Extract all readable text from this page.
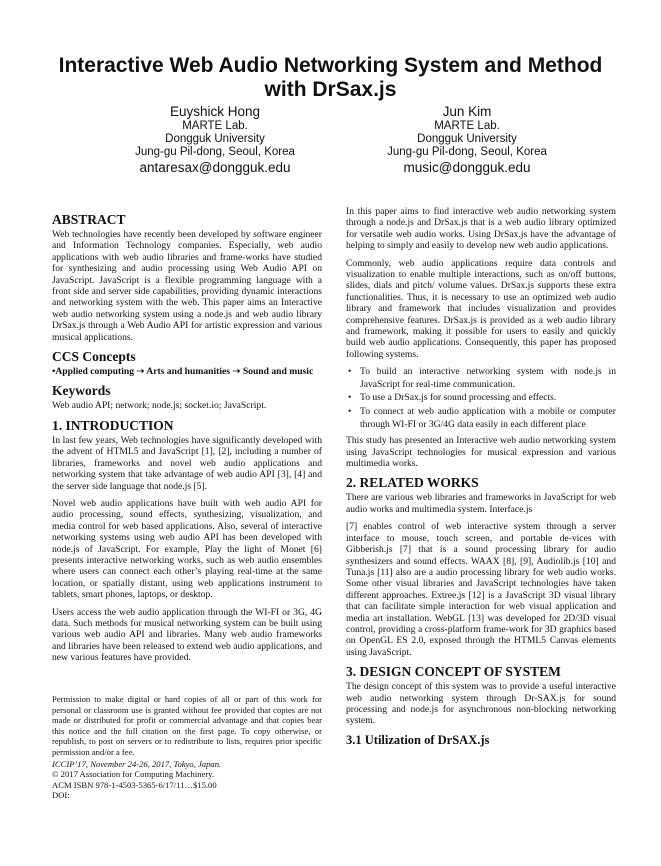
Interactive Web Audio Networking System and Method with DrSax.js
Euyshick Hong
MARTE Lab.
Dongguk University
Jung-gu Pil-dong, Seoul, Korea
antaresax@dongguk.edu
Jun Kim
MARTE Lab.
Dongguk University
Jung-gu Pil-dong, Seoul, Korea
music@dongguk.edu
ABSTRACT
Web technologies have recently been developed by software engineer and Information Technology companies. Especially, web audio applications with web audio libraries and frame-works have studied for synthesizing and audio processing using Web Audio API on JavaScript. JavaScript is a flexible programming language with a front side and server side capabilities, providing dynamic interactions and networking system with the web. This paper aims an Interactive web audio networking system using a node.js and web audio library DrSax.js through a Web Audio API for artistic expression and various musical applications.
CCS Concepts
•Applied computing ➝ Arts and humanities ➝ Sound and music
Keywords
Web audio API; network; node.js; socket.io; JavaScript.
1. INTRODUCTION
In last few years, Web technologies have significantly developed with the advent of HTML5 and JavaScript [1], [2], including a number of libraries, frameworks and novel web audio applications and networking system that take advantage of web audio API [3], [4] and the server side language that node.js [5].
Novel web audio applications have built with web audio API for audio processing, sound effects, synthesizing, visualization, and media control for web based applications. Also, several of interactive networking systems using web audio API has been developed with node.js of JavaScript. For example, Play the light of Monet [6] presents interactive networking works, such as web audio ensembles where users can connect each other’s playing real-time at the same location, or spatially distant, using web applications instrument to tablets, smart phones, laptops, or desktop.
Users access the web audio application through the WI-FI or 3G, 4G data. Such methods for musical networking system can be built using various web audio API and libraries. Many web audio frameworks and libraries have been released to extend web audio applications, and new various features have provided.
Permission to make digital or hard copies of all or part of this work for personal or classroom use is granted without fee provided that copies are not made or distributed for profit or commercial advantage and that copies bear this notice and the full citation on the first page. To copy otherwise, or republish, to post on servers or to redistribute to lists, requires prior specific permission and/or a fee.
ICCIP’17, November 24-26, 2017, Tokyo, Japan.
© 2017 Association for Computing Machinery.
ACM ISBN 978-1-4503-5365-6/17/11…$15.00
DOI:
In this paper aims to find interactive web audio networking system through a node.js and DrSax.js that is a web audio library optimized for versatile web audio works. Using DrSax.js have the advantage of helping to simply and easily to develop new web audio applications.
Commonly, web audio applications require data controls and visualization to enable multiple interactions, such as on/off buttons, slides, dials and pitch/ volume values. DrSax.js supports these extra functionalities. Thus, it is necessary to use an optimized web audio library and framework that includes visualization and provides comprehensive features. DrSax.js is provided as a web audio library and framework, making it possible for users to easily and quickly build web audio applications. Consequently, this paper has proposed following systems.
• To build an interactive networking system with node.js in JavaScript for real-time communication.
• To use a DrSax.js for sound processing and effects.
• To connect at web audio application with a mobile or computer through WI-FI or 3G/4G data easily in each different place
This study has presented an Interactive web audio networking system using JavaScript technologies for musical expression and various multimedia works.
2. RELATED WORKS
There are various web libraries and frameworks in JavaScript for web audio works and multimedia system. Interface.js
[7] enables control of web interactive system through a server interface to mouse, touch screen, and portable de-vices with Gibberish.js [7] that is a sound processing library for audio synthesizers and sound effects. WAAX [8], [9], Audiolib.js [10] and Tuna.js [11] also are a audio processing library for web audio works. Some other visual libraries and JavaScript technologies have taken different approaches. Extree.js [12] is a JavaScript 3D visual library that can facilitate simple interaction for web visual application and media art installation. WebGL [13] was developed for 2D/3D visual control, providing a cross-platform frame-work for 3D graphics based on OpenGL ES 2.0, exposed through the HTML5 Canvas elements using JavaScript.
3. DESIGN CONCEPT OF SYSTEM
The design concept of this system was to provide a useful interactive web audio networking system through Dr-SAX.js for sound processing and node.js for asynchronous non-blocking networking system.
3.1 Utilization of DrSAX.js
